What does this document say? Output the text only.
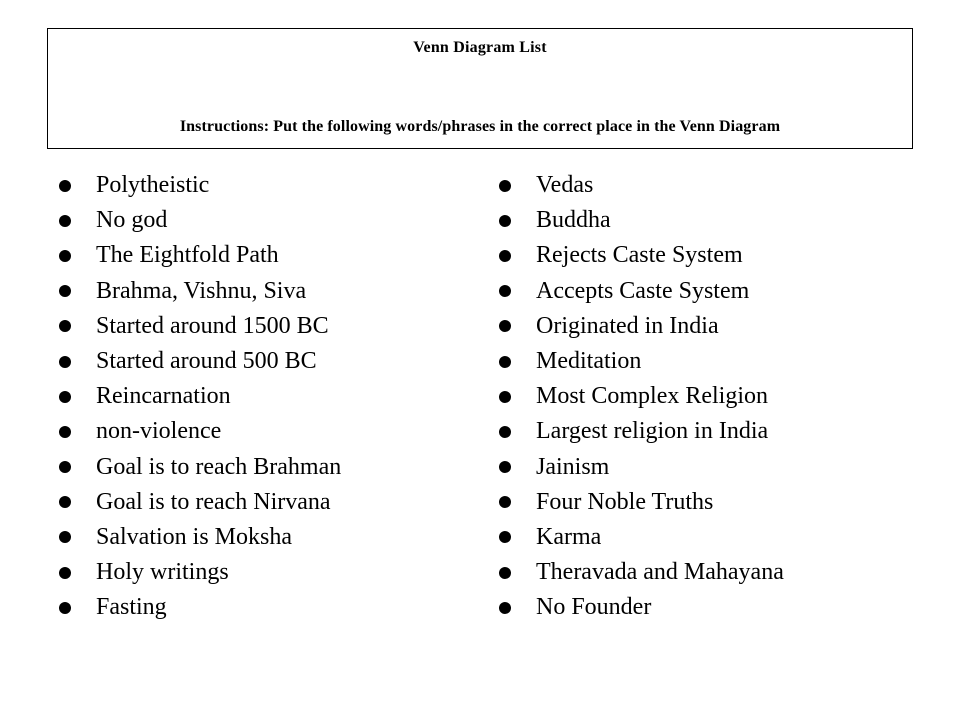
Venn Diagram List
Instructions: Put the following words/phrases in the correct place in the Venn Diagram
Polytheistic
No god
The Eightfold Path
Brahma, Vishnu, Siva
Started around 1500 BC
Started around 500 BC
Reincarnation
non-violence
Goal is to reach Brahman
Goal is to reach Nirvana
Salvation is Moksha
Holy writings
Fasting
Vedas
Buddha
Rejects Caste System
Accepts Caste System
Originated in India
Meditation
Most Complex Religion
Largest religion in India
Jainism
Four Noble Truths
Karma
Theravada and Mahayana
No Founder
